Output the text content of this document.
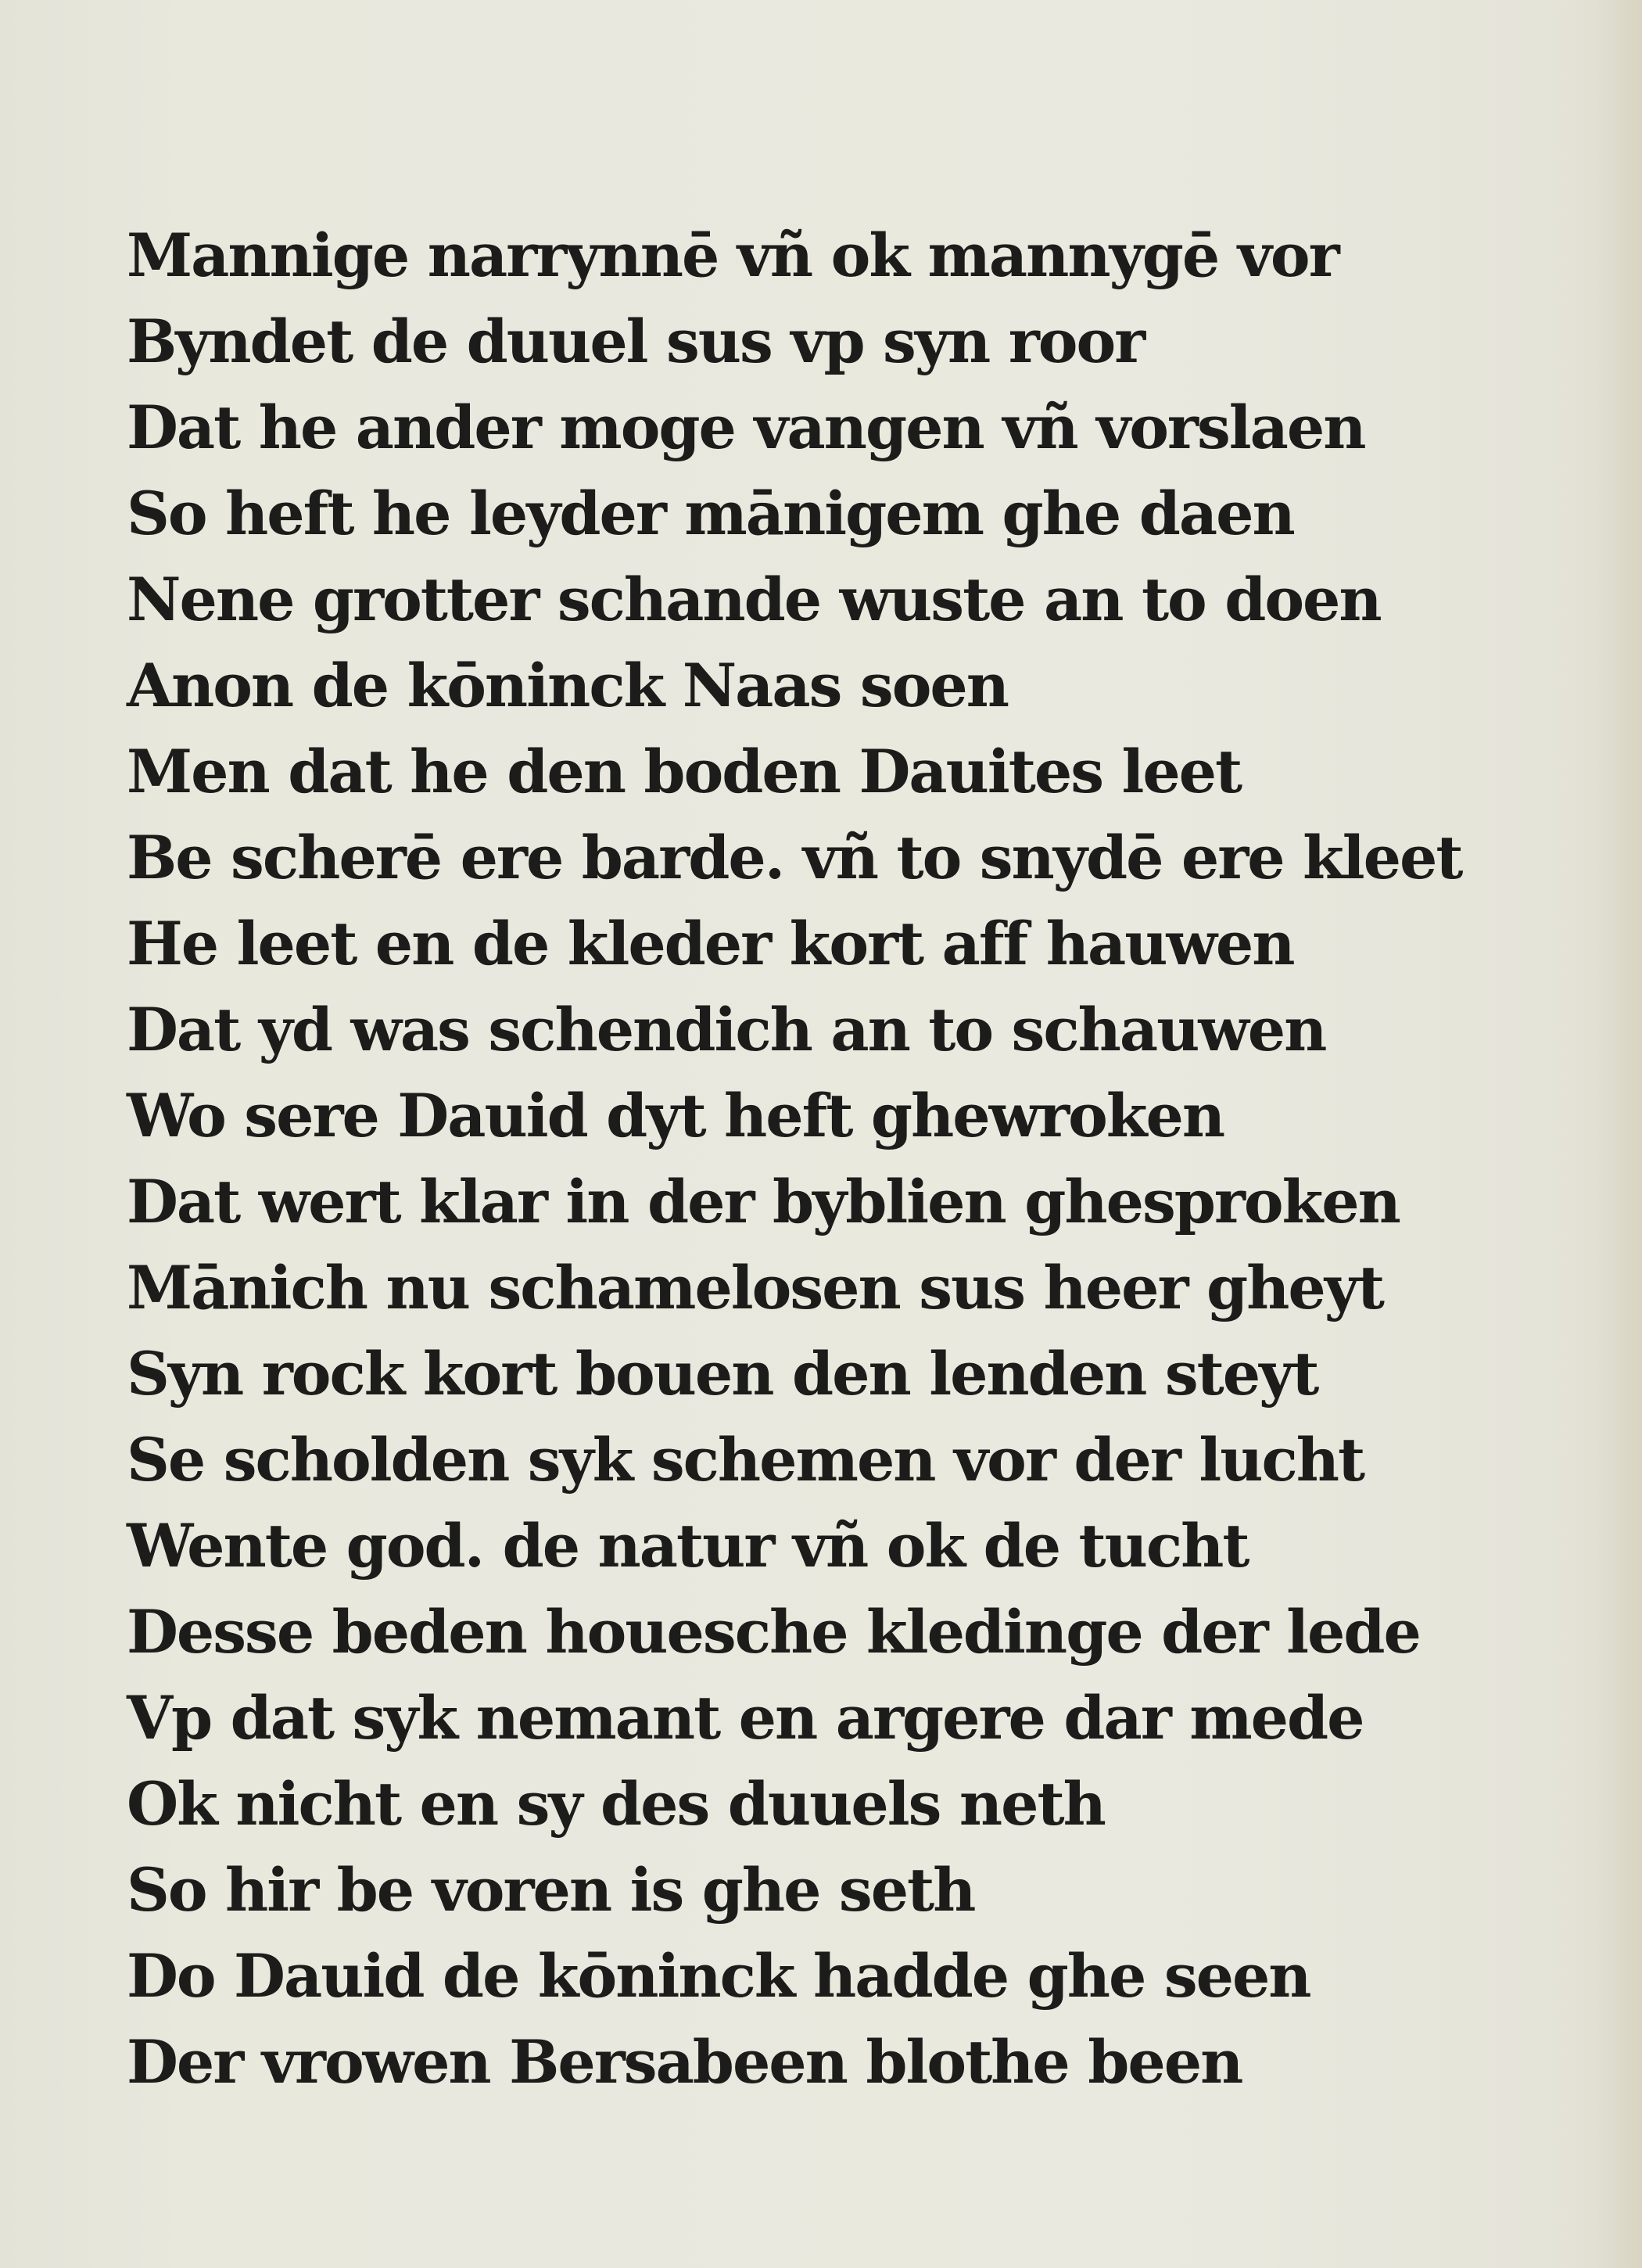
Mannige narrynnē vñ ok mannygē vor
Byndet de duuel sus vp syn roor
Dat he ander moge vangen vñ vorslaen
So heft he leyder mānigem ghe daen
Nene grotter schande wuste an to doen
Anon de kōninck Naas soen
Men dat he den boden Dauites leet
Be scherē ere barde. vñ to snydē ere kleet
He leet en de kleder kort aff hauwen
Dat yd was schendich an to schauwen
Wo sere Dauid dyt heft ghewroken
Dat wert klar in der byblien ghesproken
Mānich nu schamelosen sus heer gheyt
Syn rock kort bouen den lenden steyt
Se scholden syk schemen vor der lucht
Wente god. de natur vñ ok de tucht
Desse beden houesche kledinge der lede
Vp dat syk nemant en argere dar mede
Ok nicht en sy des duuels neth
So hir be voren is ghe seth
Do Dauid de kōninck hadde ghe seen
Der vrowen Bersabeen blothe been
